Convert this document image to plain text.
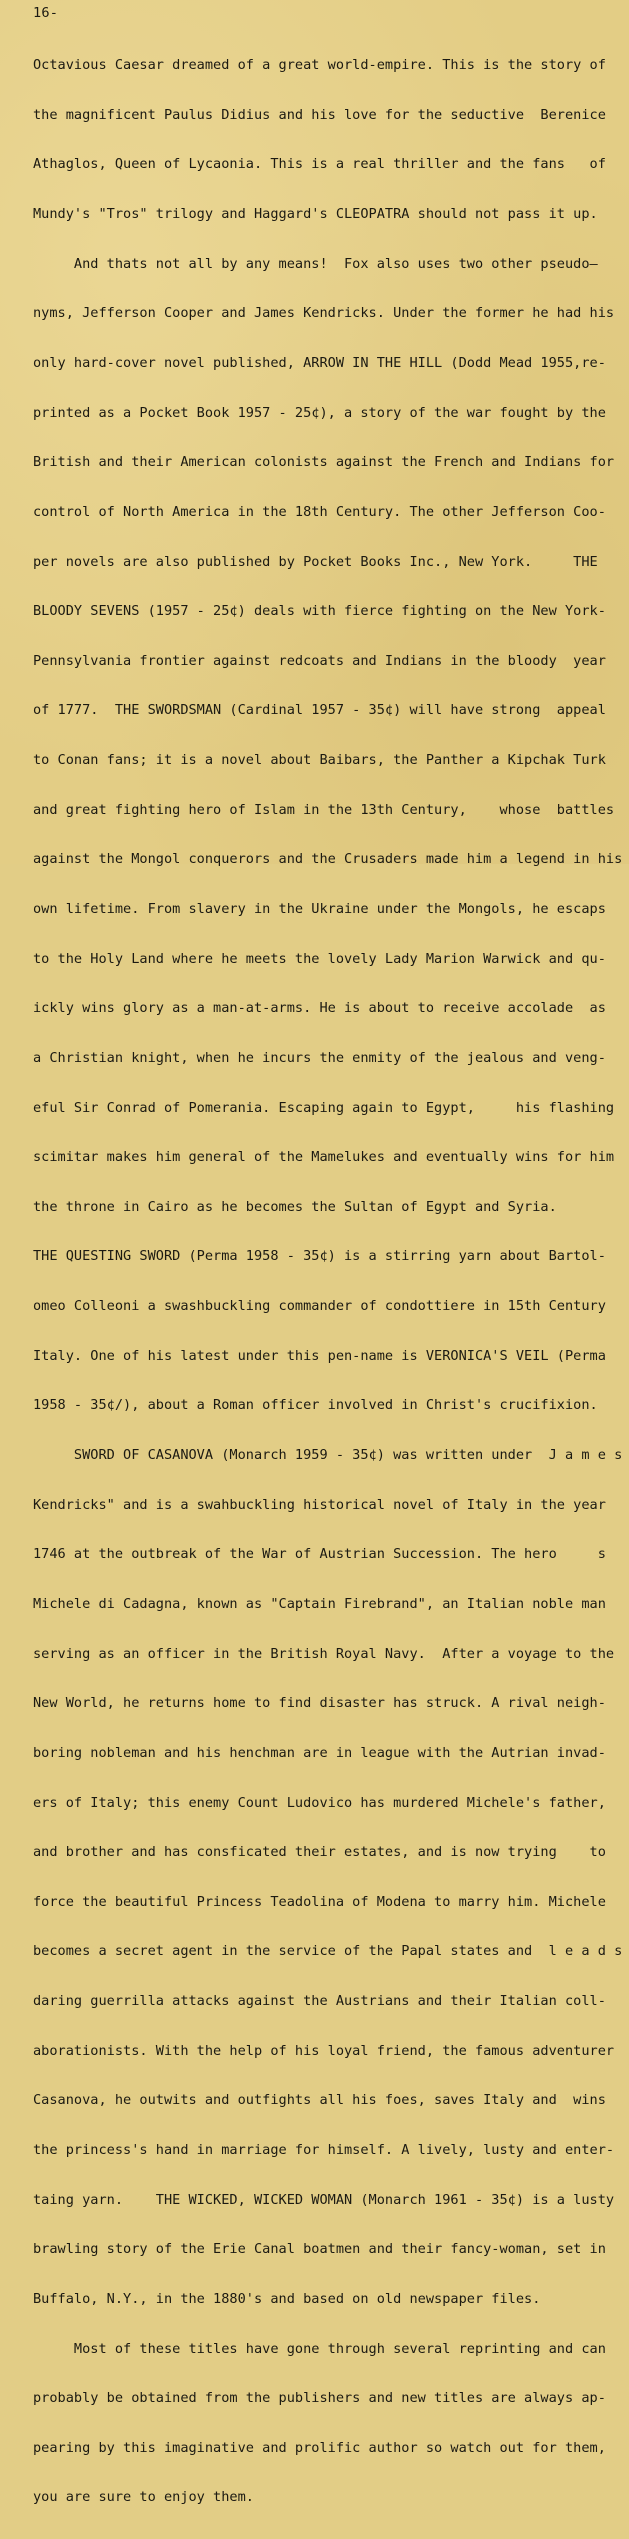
16-

Octavious Caesar dreamed of a great world-empire. This is the story of

the magnificent Paulus Didius and his love for the seductive  Berenice

Athaglos, Queen of Lycaonia. This is a real thriller and the fans   of

Mundy's "Tros" trilogy and Haggard's CLEOPATRA should not pass it up.

And thats not all by any means!  Fox also uses two other pseudo—

nyms, Jefferson Cooper and James Kendricks. Under the former he had his

only hard-cover novel published, ARROW IN THE HILL (Dodd Mead 1955,re-

printed as a Pocket Book 1957 - 25¢), a story of the war fought by the

British and their American colonists against the French and Indians for

control of North America in the 18th Century. The other Jefferson Coo-

per novels are also published by Pocket Books Inc., New York.     THE

BLOODY SEVENS (1957 - 25¢) deals with fierce fighting on the New York-

Pennsylvania frontier against redcoats and Indians in the bloody  year

of 1777.  THE SWORDSMAN (Cardinal 1957 - 35¢) will have strong  appeal

to Conan fans; it is a novel about Baibars, the Panther a Kipchak Turk

and great fighting hero of Islam in the 13th Century,    whose  battles

against the Mongol conquerors and the Crusaders made him a legend in his

own lifetime. From slavery in the Ukraine under the Mongols, he escaps

to the Holy Land where he meets the lovely Lady Marion Warwick and qu-

ickly wins glory as a man-at-arms. He is about to receive accolade  as

a Christian knight, when he incurs the enmity of the jealous and veng-

eful Sir Conrad of Pomerania. Escaping again to Egypt,     his flashing

scimitar makes him general of the Mamelukes and eventually wins for him

the throne in Cairo as he becomes the Sultan of Egypt and Syria.

THE QUESTING SWORD (Perma 1958 - 35¢) is a stirring yarn about Bartol-

omeo Colleoni a swashbuckling commander of condottiere in 15th Century

Italy. One of his latest under this pen-name is VERONICA'S VEIL (Perma

1958 - 35¢/), about a Roman officer involved in Christ's crucifixion.

SWORD OF CASANOVA (Monarch 1959 - 35¢) was written under  J a m e s

Kendricks" and is a swahbuckling historical novel of Italy in the year

1746 at the outbreak of the War of Austrian Succession. The hero     s

Michele di Cadagna, known as "Captain Firebrand", an Italian noble man

serving as an officer in the British Royal Navy.  After a voyage to the

New World, he returns home to find disaster has struck. A rival neigh-

boring nobleman and his henchman are in league with the Autrian invad-

ers of Italy; this enemy Count Ludovico has murdered Michele's father,

and brother and has consficated their estates, and is now trying    to

force the beautiful Princess Teadolina of Modena to marry him. Michele

becomes a secret agent in the service of the Papal states and  l e a d s

daring guerrilla attacks against the Austrians and their Italian coll-

aborationists. With the help of his loyal friend, the famous adventurer

Casanova, he outwits and outfights all his foes, saves Italy and  wins

the princess's hand in marriage for himself. A lively, lusty and enter-

taing yarn.    THE WICKED, WICKED WOMAN (Monarch 1961 - 35¢) is a lusty

brawling story of the Erie Canal boatmen and their fancy-woman, set in

Buffalo, N.Y., in the 1880's and based on old newspaper files.

Most of these titles have gone through several reprinting and can

probably be obtained from the publishers and new titles are always ap-

pearing by this imaginative and prolific author so watch out for them,

you are sure to enjoy them.
